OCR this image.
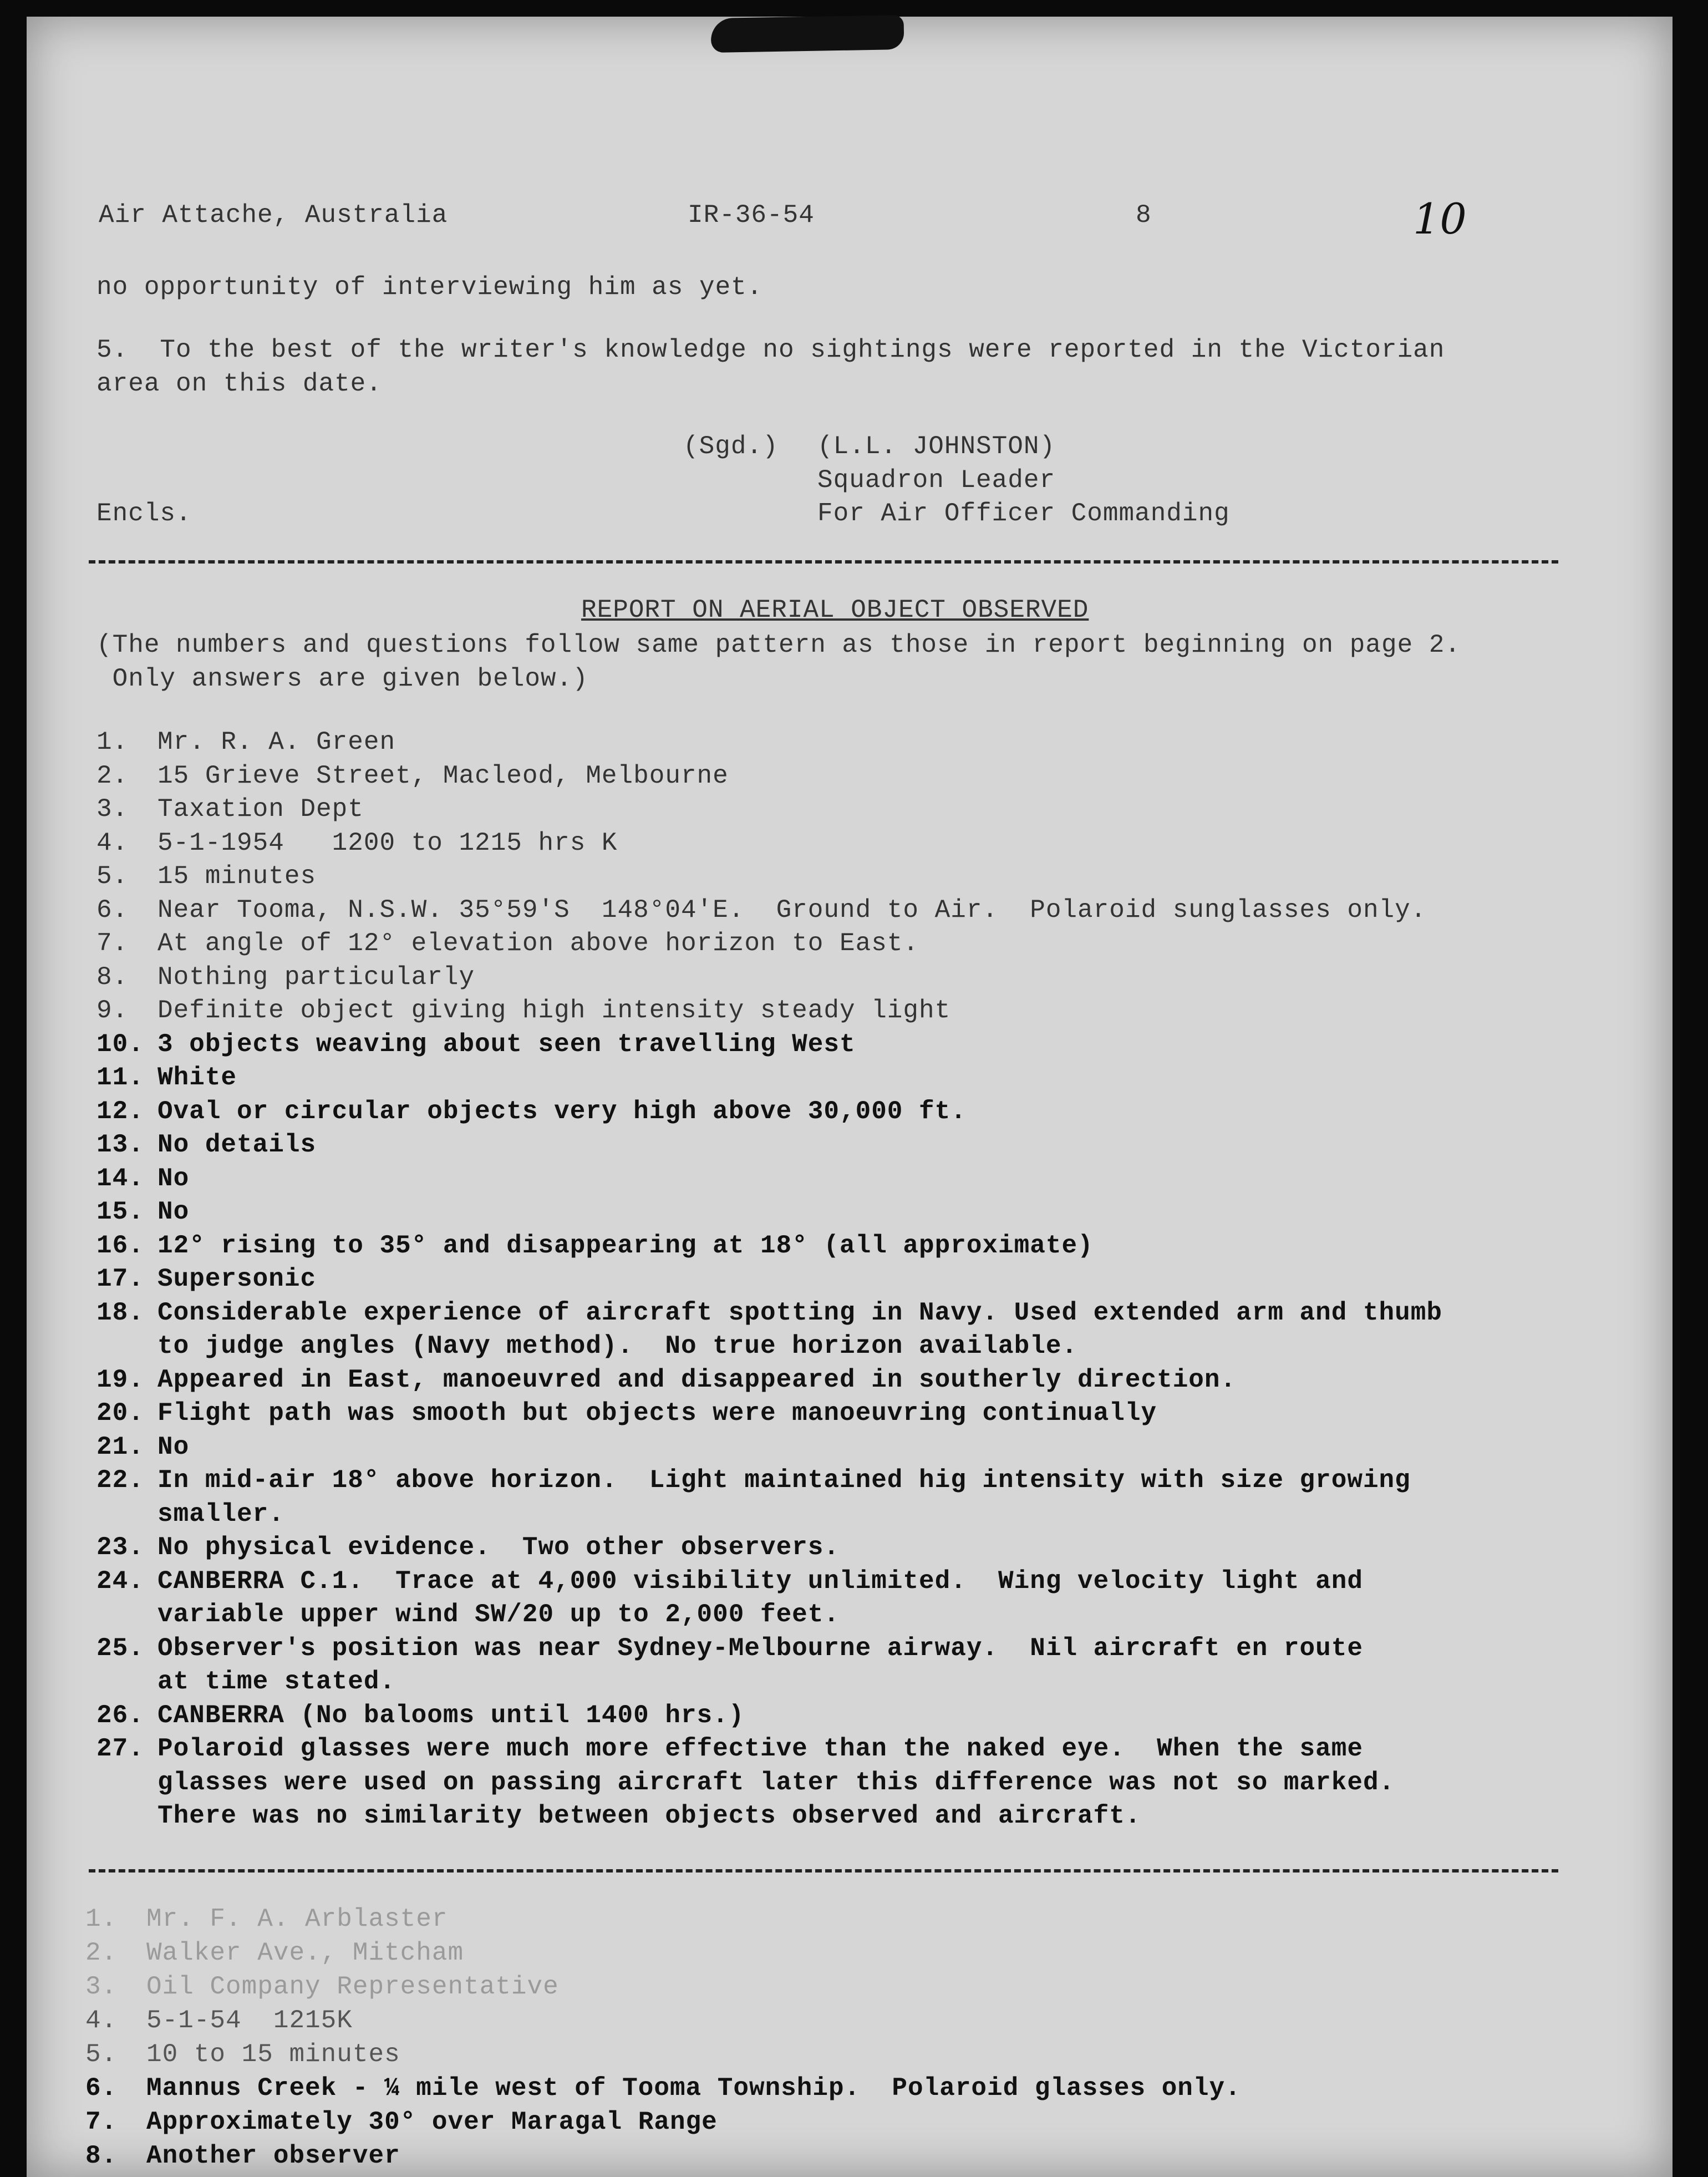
Air Attache, Australia	IR-36-54	8	10
no opportunity of interviewing him as yet.
5.  To the best of the writer's knowledge no sightings were reported in the Victorian
area on this date.
(Sgd.) (L.L. JOHNSTON)
Squadron Leader
Encls.	For Air Officer Commanding
REPORT ON AERIAL OBJECT OBSERVED
(The numbers and questions follow same pattern as those in report beginning on page 2.
Only answers are given below.)
1. Mr. R. A. Green
2. 15 Grieve Street, Macleod, Melbourne
3. Taxation Dept
4. 5-1-1954   1200 to 1215 hrs K
5. 15 minutes
6. Near Tooma, N.S.W. 35°59'S  148°04'E.  Ground to Air.  Polaroid sunglasses only.
7. At angle of 12° elevation above horizon to East.
8. Nothing particularly
9. Definite object giving high intensity steady light
10. 3 objects weaving about seen travelling West
11. White
12. Oval or circular objects very high above 30,000 ft.
13. No details
14. No
15. No
16. 12° rising to 35° and disappearing at 18° (all approximate)
17. Supersonic
18. Considerable experience of aircraft spotting in Navy. Used extended arm and thumb
to judge angles (Navy method).  No true horizon available.
19. Appeared in East, manoeuvred and disappeared in southerly direction.
20. Flight path was smooth but objects were manoeuvring continually
21. No
22. In mid-air 18° above horizon.  Light maintained hig intensity with size growing
smaller.
23. No physical evidence.  Two other observers.
24. CANBERRA C.1.  Trace at 4,000 visibility unlimited.  Wing velocity light and
variable upper wind SW/20 up to 2,000 feet.
25. Observer's position was near Sydney-Melbourne airway.  Nil aircraft en route
at time stated.
26. CANBERRA (No balooms until 1400 hrs.)
27. Polaroid glasses were much more effective than the naked eye.  When the same
glasses were used on passing aircraft later this difference was not so marked.
There was no similarity between objects observed and aircraft.
1. Mr. F. A. Arblaster
2. Walker Ave., Mitcham
3. Oil Company Representative
4. 5-1-54  1215K
5. 10 to 15 minutes
6. Mannus Creek - ¼ mile west of Tooma Township.  Polaroid glasses only.
7. Approximately 30° over Maragal Range
8. Another observer
